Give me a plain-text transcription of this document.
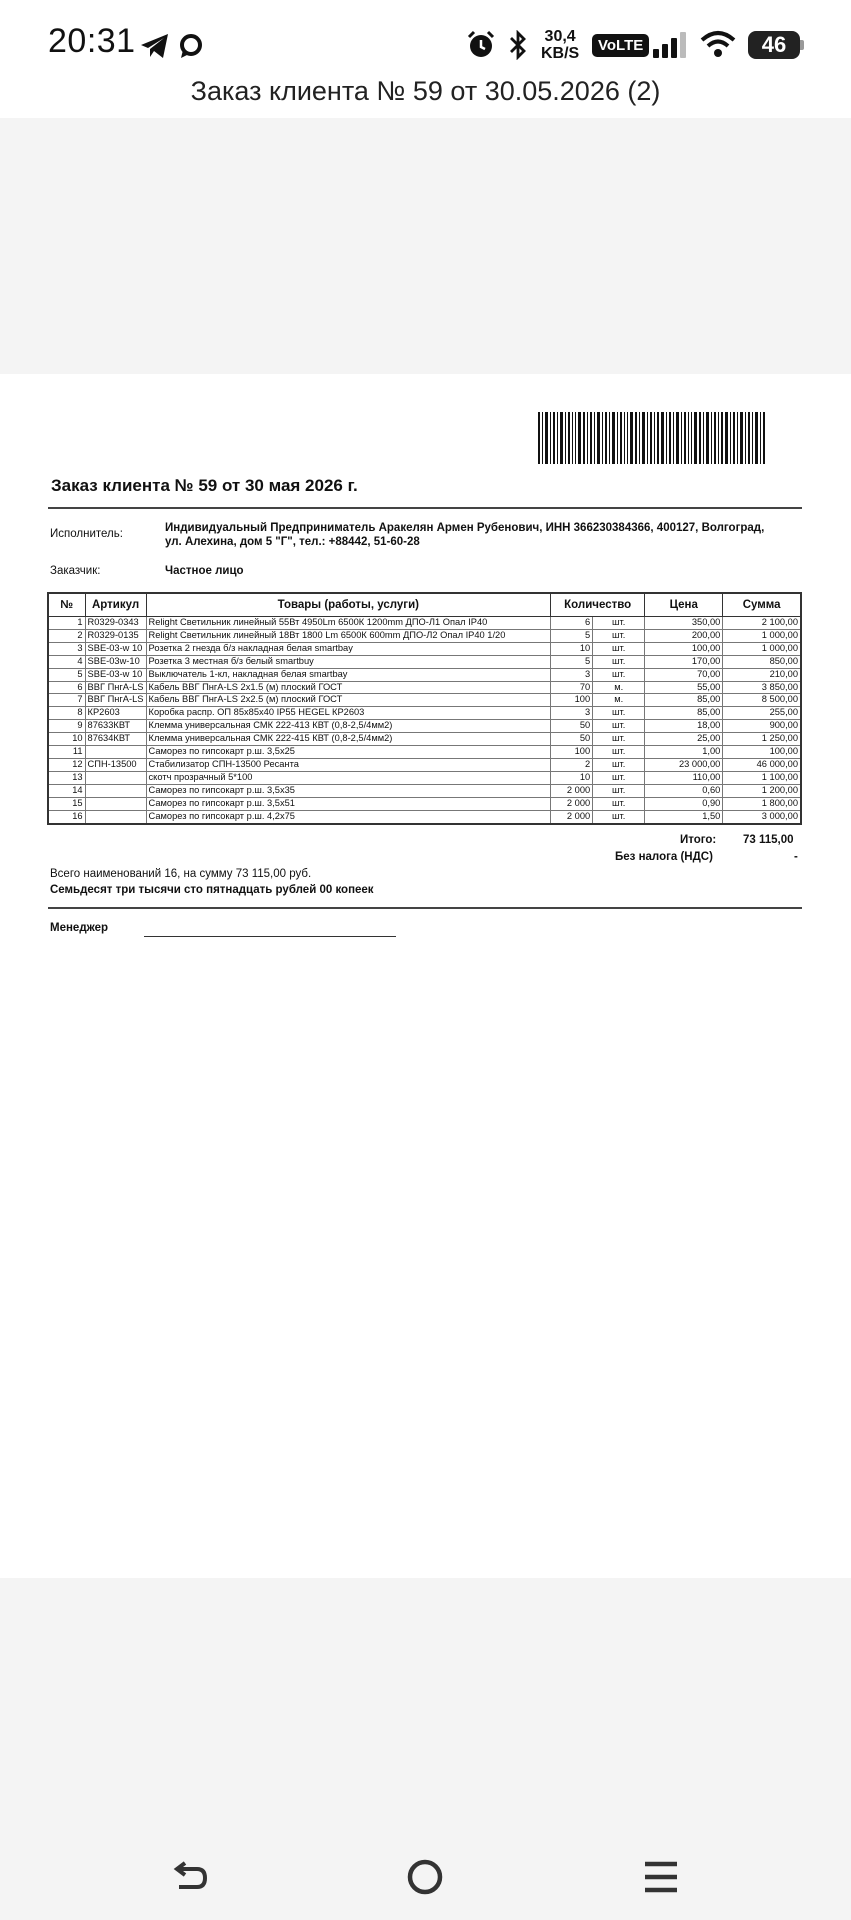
20:31	30,4
KB/S	VoLTE	46
Заказ клиента № 59 от 30.05.2026 (2)
Заказ клиента № 59 от 30 мая 2026 г.
Исполнитель:	Индивидуальный Предприниматель Аракелян Армен Рубенович, ИНН 366230384366, 400127, Волгоград,
ул. Алехина, дом 5 "Г", тел.: +88442, 51-60-28
Заказчик:	Частное лицо
№	Артикул	Товары (работы, услуги)	Количество		Цена	Сумма
1	R0329-0343	Relight Светильник линейный 55Вт 4950Lm 6500К 1200mm ДПО-Л1 Опал IP40	6	шт.	350,00	2 100,00
2	R0329-0135	Relight Светильник линейный 18Вт 1800 Lm 6500К 600mm ДПО-Л2 Опал IP40 1/20	5	шт.	200,00	1 000,00
3	SBE-03-w 10	Розетка 2 гнезда б/з накладная белая smartbay	10	шт.	100,00	1 000,00
4	SBE-03w-10	Розетка 3 местная б/з белый smartbuy	5	шт.	170,00	850,00
5	SBE-03-w 10	Выключатель 1-кл, накладная белая smartbay	3	шт.	70,00	210,00
6	ВВГ ПнгА-LS	Кабель ВВГ ПнгА-LS 2х1.5 (м) плоский ГОСТ	70	м.	55,00	3 850,00
7	ВВГ ПнгА-LS	Кабель ВВГ ПнгА-LS 2х2.5 (м) плоский ГОСТ	100	м.	85,00	8 500,00
8	КР2603	Коробка распр. ОП 85х85х40 IP55 HEGEL КР2603	3	шт.	85,00	255,00
9	87633КВТ	Клемма универсальная СМК 222-413 КВТ (0,8-2,5/4мм2)	50	шт.	18,00	900,00
10	87634КВТ	Клемма универсальная СМК 222-415 КВТ (0,8-2,5/4мм2)	50	шт.	25,00	1 250,00
11		Саморез по гипсокарт р.ш. 3,5х25	100	шт.	1,00	100,00
12	СПН-13500	Стабилизатор СПН-13500 Ресанта	2	шт.	23 000,00	46 000,00
13		скотч прозрачный 5*100	10	шт.	110,00	1 100,00
14		Саморез по гипсокарт р.ш. 3,5х35	2 000	шт.	0,60	1 200,00
15		Саморез по гипсокарт р.ш. 3,5х51	2 000	шт.	0,90	1 800,00
16		Саморез по гипсокарт р.ш. 4,2х75	2 000	шт.	1,50	3 000,00
Итого: 73 115,00
Без налога (НДС)	-
Всего наименований 16, на сумму 73 115,00 руб.
Семьдесят три тысячи сто пятнадцать рублей 00 копеек
Менеджер
